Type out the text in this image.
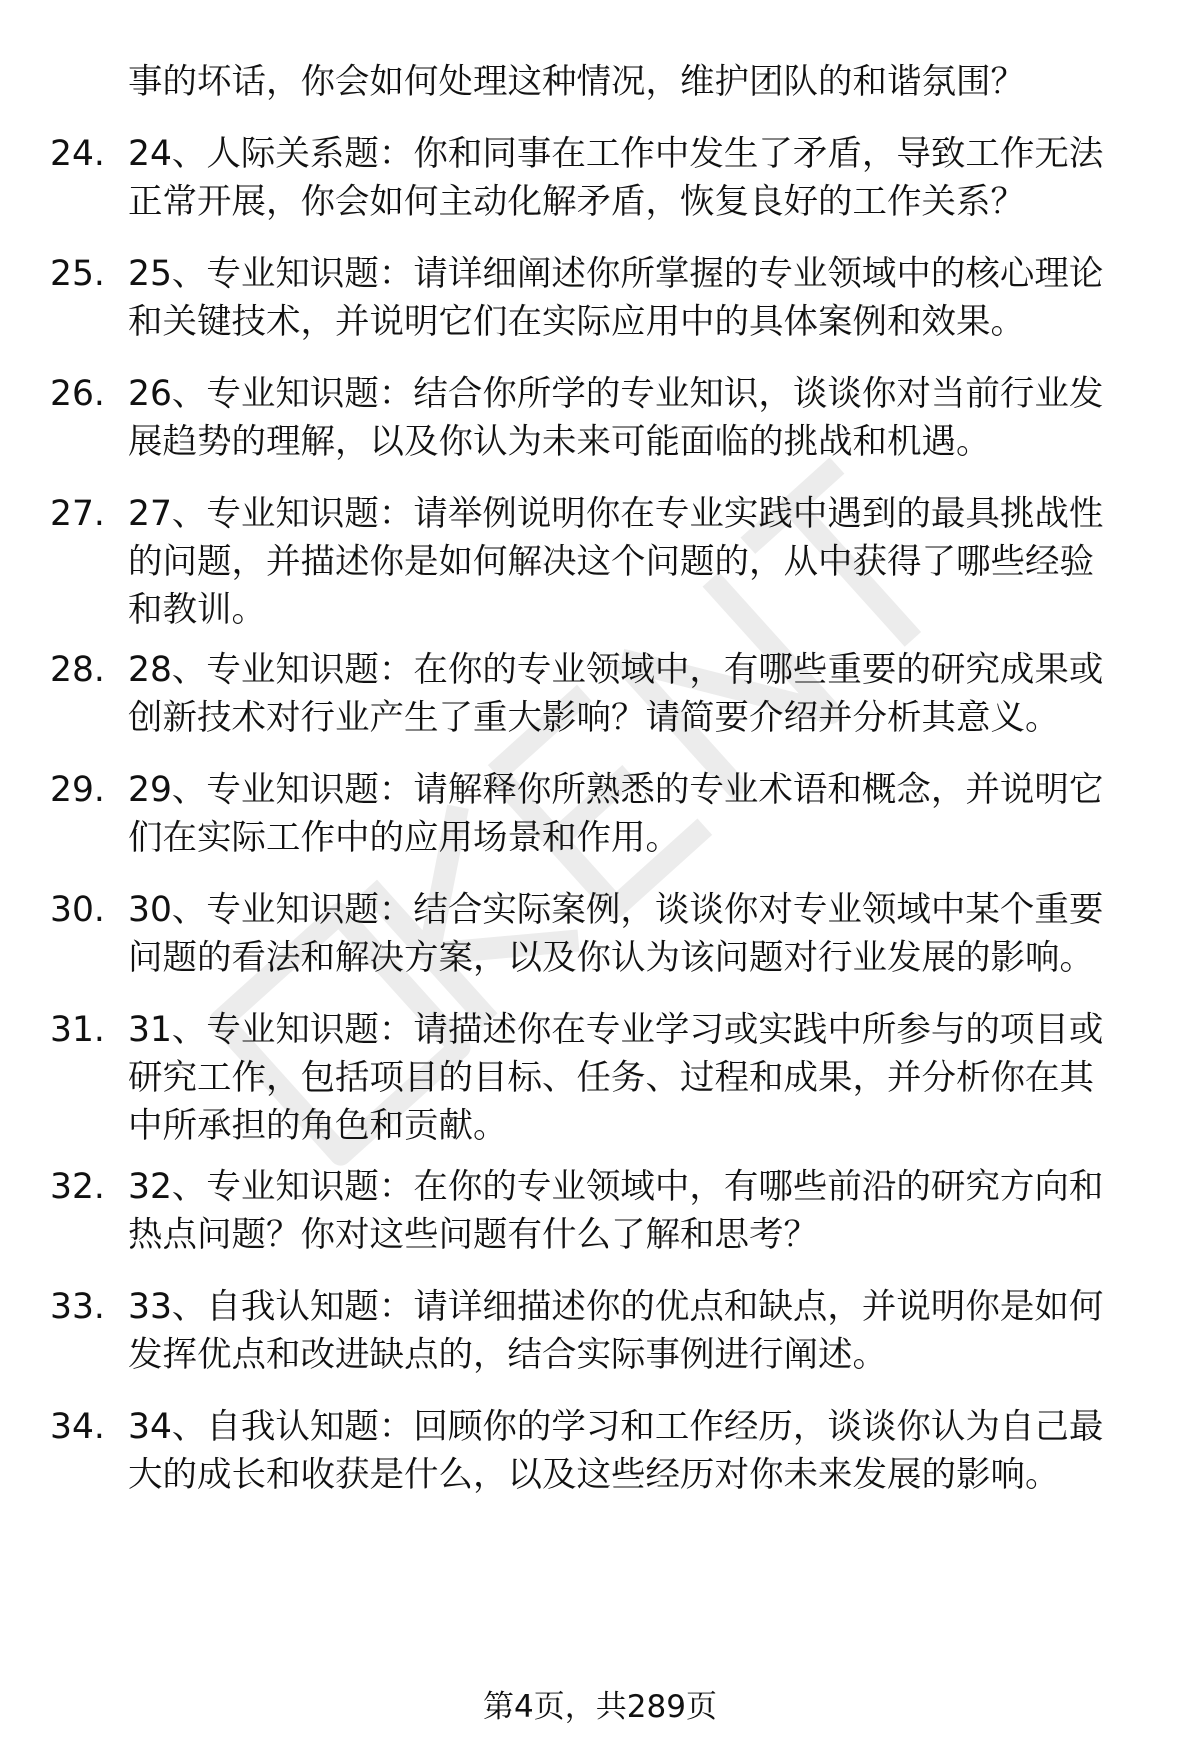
事的坏话，你会如何处理这种情况，维护团队的和谐氛围？
24. 24、人际关系题：你和同事在工作中发生了矛盾，导致工作无法
正常开展，你会如何主动化解矛盾，恢复良好的工作关系？
25. 25、专业知识题：请详细阐述你所掌握的专业领域中的核心理论
和关键技术，并说明它们在实际应用中的具体案例和效果。
26. 26、专业知识题：结合你所学的专业知识，谈谈你对当前行业发
展趋势的理解，以及你认为未来可能面临的挑战和机遇。
27. 27、专业知识题：请举例说明你在专业实践中遇到的最具挑战性
的问题，并描述你是如何解决这个问题的，从中获得了哪些经验
和教训。
28. 28、专业知识题：在你的专业领域中，有哪些重要的研究成果或
创新技术对行业产生了重大影响？请简要介绍并分析其意义。
29. 29、专业知识题：请解释你所熟悉的专业术语和概念，并说明它
们在实际工作中的应用场景和作用。
30. 30、专业知识题：结合实际案例，谈谈你对专业领域中某个重要
问题的看法和解决方案，以及你认为该问题对行业发展的影响。
31. 31、专业知识题：请描述你在专业学习或实践中所参与的项目或
研究工作，包括项目的目标、任务、过程和成果，并分析你在其
中所承担的角色和贡献。
32. 32、专业知识题：在你的专业领域中，有哪些前沿的研究方向和
热点问题？你对这些问题有什么了解和思考？
33. 33、自我认知题：请详细描述你的优点和缺点，并说明你是如何
发挥优点和改进缺点的，结合实际事例进行阐述。
34. 34、自我认知题：回顾你的学习和工作经历，谈谈你认为自己最
大的成长和收获是什么，以及这些经历对你未来发展的影响。
第4页，共289页
